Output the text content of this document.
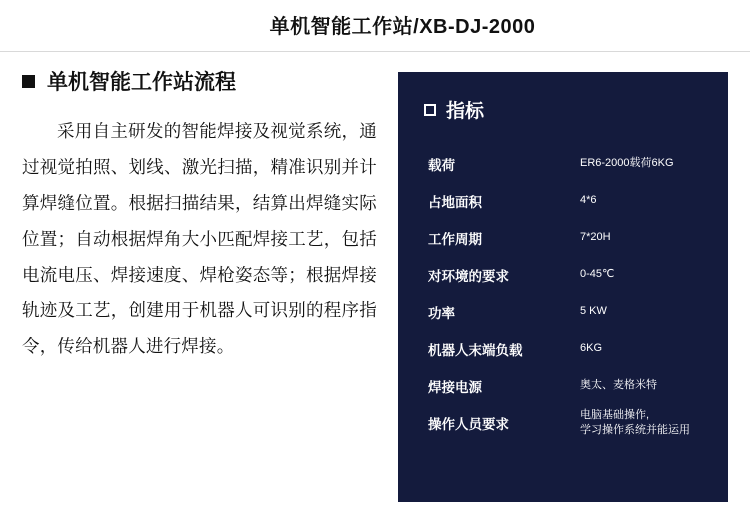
单机智能工作站/XB-DJ-2000
单机智能工作站流程
采用自主研发的智能焊接及视觉系统，通过视觉拍照、划线、激光扫描，精准识别并计算焊缝位置。根据扫描结果，结算出焊缝实际位置；自动根据焊角大小匹配焊接工艺，包括电流电压、焊接速度、焊枪姿态等；根据焊接轨迹及工艺，创建用于机器人可识别的程序指令，传给机器人进行焊接。
指标
载荷	ER6-2000载荷6KG
占地面积	4*6
工作周期	7*20H
对环境的要求	0-45℃
功率	5 KW
机器人末端负载	6KG
焊接电源	奥太、麦格米特
操作人员要求	电脑基础操作,
学习操作系统并能运用
